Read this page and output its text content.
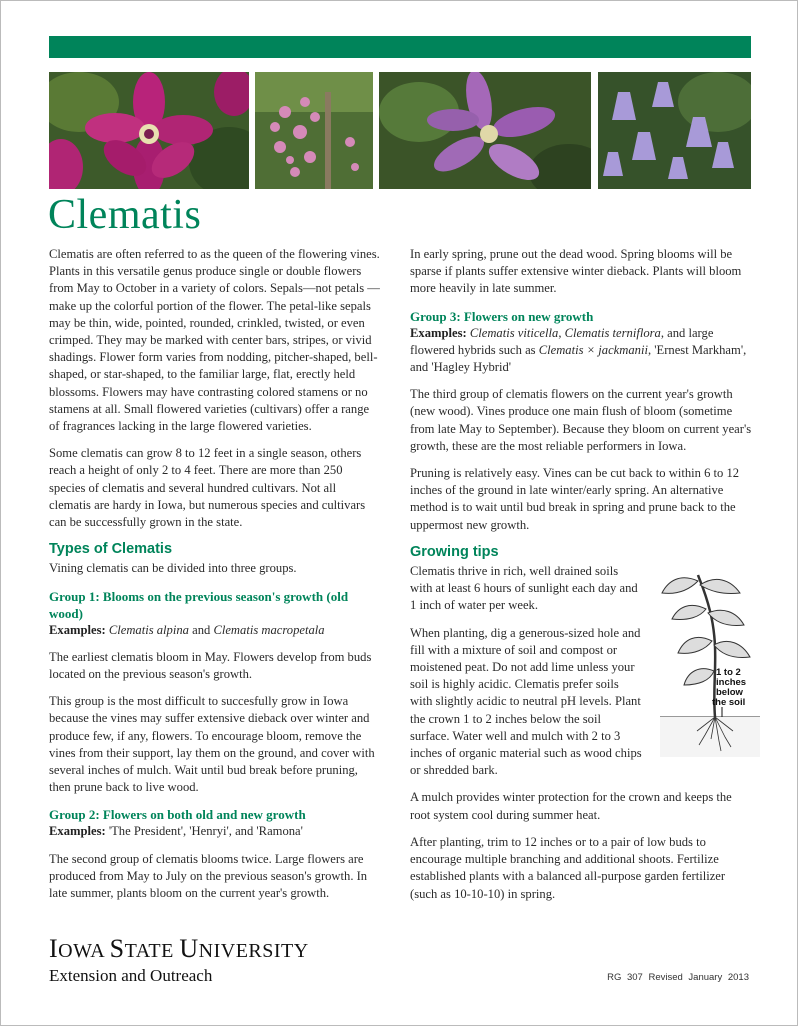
Clematis

Clematis are often referred to as the queen of the flowering vines. Plants in this versatile genus produce single or double flowers from May to October in a variety of colors. Sepals—not petals —make up the colorful portion of the flower. The petal-like sepals may be thin, wide, pointed, rounded, crinkled, twisted, or even crimped. They may be marked with center bars, stripes, or vivid shadings. Flower form varies from nodding, pitcher-shaped, bell-shaped, or star-shaped, to the familiar large, flat, erectly held blossoms. Flowers may have contrasting colored stamens or no stamens at all. Small flowered varieties (cultivars) offer a range of fragrances lacking in the large flowered varieties.

Some clematis can grow 8 to 12 feet in a single season, others reach a height of only 2 to 4 feet. There are more than 250 species of clematis and several hundred cultivars. Not all clematis are hardy in Iowa, but numerous species and cultivars can be successfully grown in the state.

Types of Clematis

Vining clematis can be divided into three groups.

Group 1: Blooms on the previous season's growth (old wood)
Examples: Clematis alpina and Clematis macropetala

The earliest clematis bloom in May. Flowers develop from buds located on the previous season's growth.

This group is the most difficult to succesfully grow in Iowa because the vines may suffer extensive dieback over winter and produce few, if any, flowers. To encourage bloom, remove the vines from their support, lay them on the ground, and cover with several inches of mulch. Wait until bud break before pruning, then prune back to live wood.

Group 2: Flowers on both old and new growth
Examples: 'The President', 'Henryi', and 'Ramona'

The second group of clematis blooms twice. Large flowers are produced from May to July on the previous season's growth. In late summer, plants bloom on the current year's growth.

In early spring, prune out the dead wood. Spring blooms will be sparse if plants suffer extensive winter dieback. Plants will bloom more heavily in late summer.

Group 3: Flowers on new growth
Examples: Clematis viticella, Clematis terniflora, and large flowered hybrids such as Clematis × jackmanii, 'Ernest Markham', and 'Hagley Hybrid'

The third group of clematis flowers on the current year's growth (new wood). Vines produce one main flush of bloom (sometime from late May to September). Because they bloom on current year's growth, these are the most reliable performers in Iowa.

Pruning is relatively easy. Vines can be cut back to within 6 to 12 inches of the ground in late winter/early spring. An alternative method is to wait until bud break in spring and prune back to the uppermost new growth.

Growing tips
1 to 2
inches
below
the soil

Clematis thrive in rich, well drained soils with at least 6 hours of sunlight each day and 1 inch of water per week.

When planting, dig a generous-sized hole and fill with a mixture of soil and compost or moistened peat. Do not add lime unless your soil is highly acidic. Clematis prefer soils with slightly acidic to neutral pH levels. Plant the crown 1 to 2 inches below the soil surface. Water well and mulch with 2 to 3 inches of organic material such as wood chips or shredded bark.

A mulch provides winter protection for the crown and keeps the root system cool during summer heat.

After planting, trim to 12 inches or to a pair of low buds to encourage multiple branching and additional shoots. Fertilize established plants with a balanced all-purpose garden fertilizer (such as 10-10-10) in spring.

IOWA STATE UNIVERSITY
Extension and Outreach	RG 307 Revised January 2013
